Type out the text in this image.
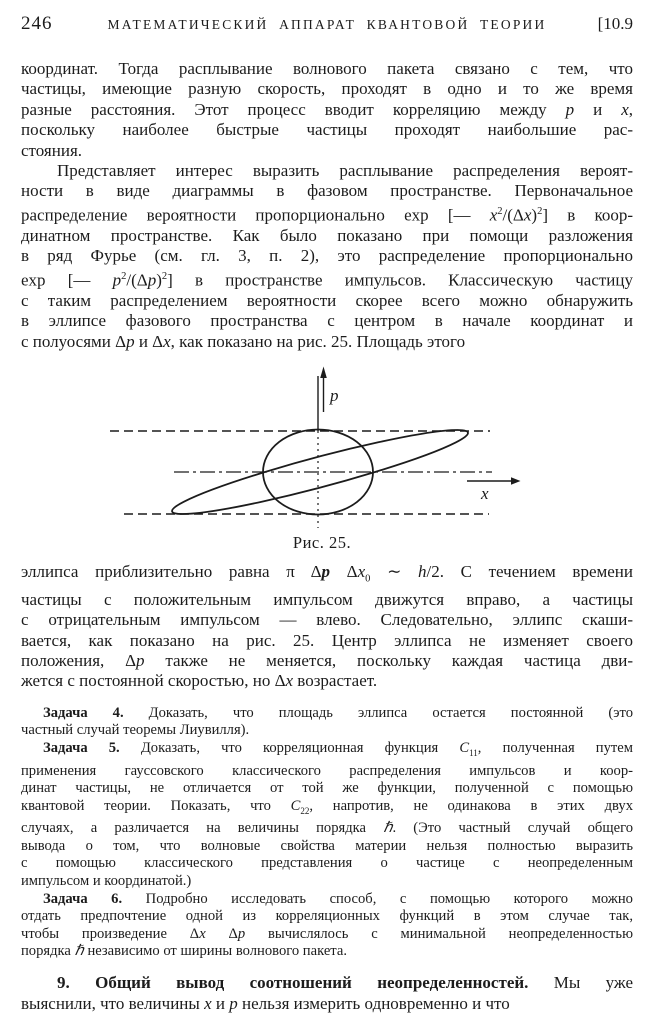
246	МАТЕМАТИЧЕСКИЙ АППАРАТ КВАНТОВОЙ ТЕОРИИ	[10.9
координат. Тогда расплывание волнового пакета связано с тем, что
частицы, имеющие разную скорость, проходят в одно и то же время
разные расстояния. Этот процесс вводит корреляцию между p и x,
поскольку наиболее быстрые частицы проходят наибольшие рас-
стояния.
Представляет интерес выразить расплывание распределения вероят-
ности в виде диаграммы в фазовом пространстве. Первоначальное
распределение вероятности пропорционально exp [— $x^2/(\Delta x)^2$] в коор-
динатном пространстве. Как было показано при помощи разложения
в ряд Фурье (см. гл. 3, п. 2), это распределение пропорционально
exp [— $p^2/(\Delta p)^2$] в пространстве импульсов. Классическую частицу
с таким распределением вероятности скорее всего можно обнаружить
в эллипсе фазового пространства с центром в начале координат и
с полуосями Δp и Δx, как показано на рис. 25. Площадь этого
p
x
Рис. 25.
эллипса приблизительно равна π Δp $\Delta x_0$ ∼ h/2. С течением времени
частицы с положительным импульсом движутся вправо, а частицы
с отрицательным импульсом — влево. Следовательно, эллипс скаши-
вается, как показано на рис. 25. Центр эллипса не изменяет своего
положения, Δp также не меняется, поскольку каждая частица дви-
жется с постоянной скоростью, но Δx возрастает.
Задача 4. Доказать, что площадь эллипса остается постоянной (это
частный случай теоремы Лиувилля).
Задача 5. Доказать, что корреляционная функция $C_{11}$, полученная путем
применения гауссовского классического распределения импульсов и коор-
динат частицы, не отличается от той же функции, полученной с помощью
квантовой теории. Показать, что $C_{22}$, напротив, не одинакова в этих двух
случаях, а различается на величины порядка ℏ. (Это частный случай общего
вывода о том, что волновые свойства материи нельзя полностью выразить
с помощью классического представления о частице с неопределенным
импульсом и координатой.)
Задача 6. Подробно исследовать способ, с помощью которого можно
отдать предпочтение одной из корреляционных функций в этом случае так,
чтобы произведение Δx Δp вычислялось с минимальной неопределенностью
порядка ℏ независимо от ширины волнового пакета.
9. Общий вывод соотношений неопределенностей. Мы уже
выяснили, что величины x и p нельзя измерить одновременно и что
